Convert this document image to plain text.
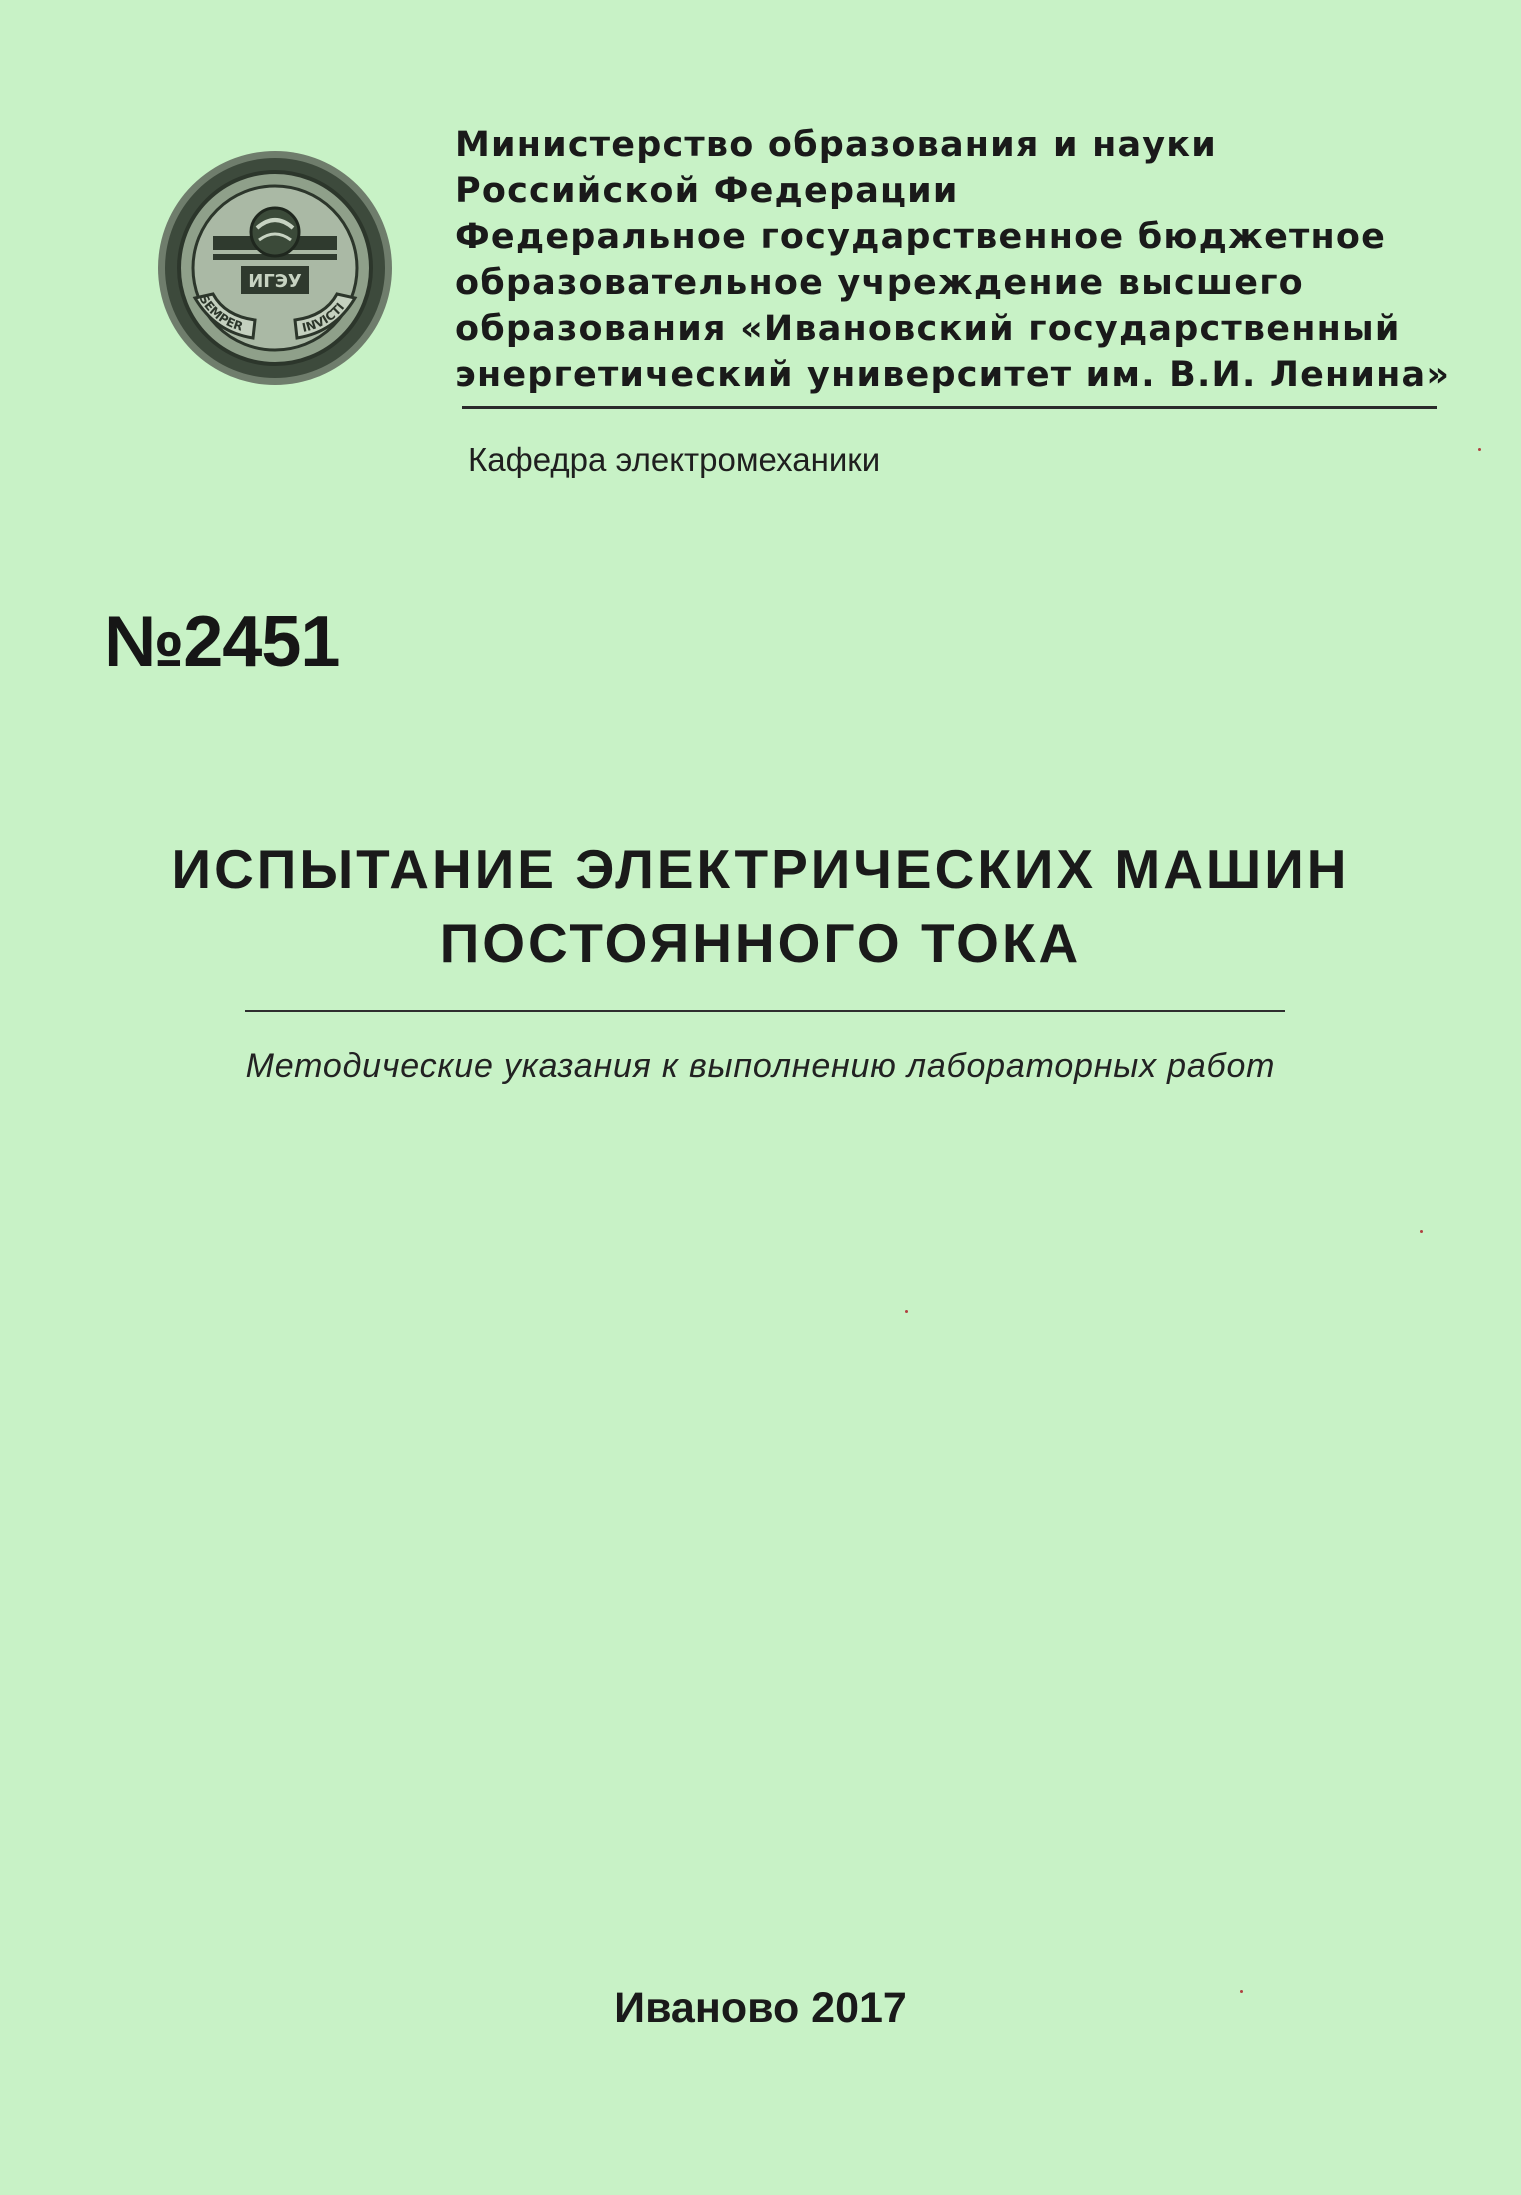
ИГЭУ
SEMPER	INVICTI
Министерство образования и науки
Российской Федерации
Федеральное государственное бюджетное
образовательное учреждение высшего
образования «Ивановский государственный
энергетический университет им. В.И. Ленина»
Кафедра электромеханики
№2451
ИСПЫТАНИЕ ЭЛЕКТРИЧЕСКИХ МАШИН
ПОСТОЯННОГО ТОКА
Методические указания к выполнению лабораторных работ
Иваново 2017
